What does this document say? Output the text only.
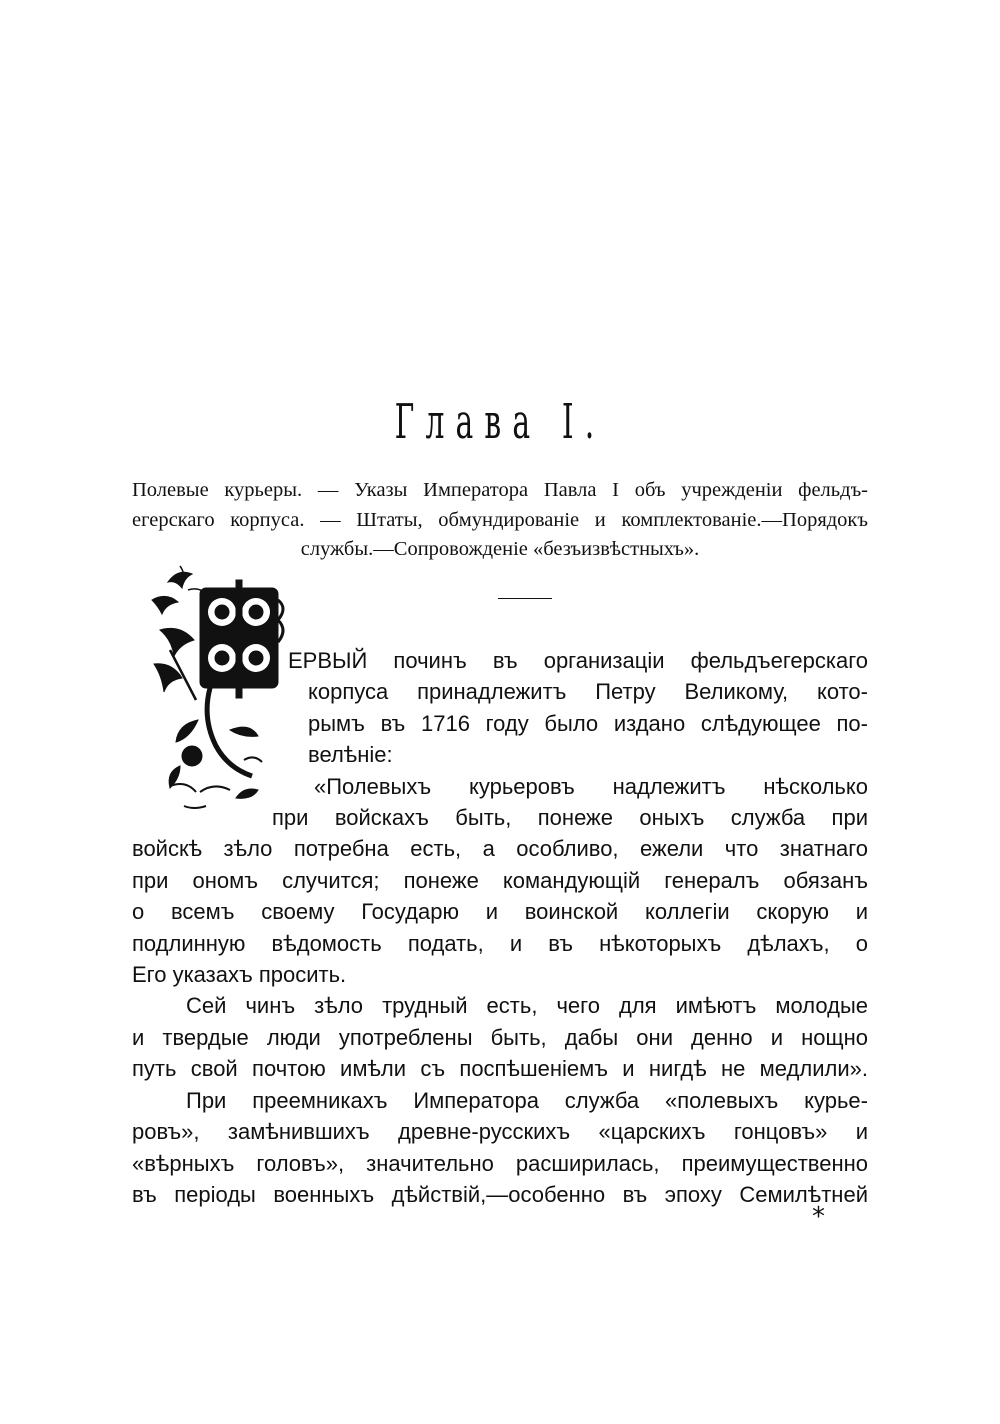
Глава I.
Полевые курьеры. — Указы Императора Павла I объ учрежденіи фельдъ-
егерскаго корпуса. — Штаты, обмундированіе и комплектованіе.—Порядокъ
службы.—Сопровожденіе «безъизвѣстныхъ».
ЕРВЫЙ починъ въ организаціи фельдъегерскаго
корпуса принадлежитъ Петру Великому, кото-
рымъ въ 1716 году было издано слѣдующее по-
велѣніе:
«Полевыхъ курьеровъ надлежитъ нѣсколько
при войскахъ быть, понеже оныхъ служба при
войскѣ зѣло потребна есть, а особливо, ежели что знатнаго
при ономъ случится; понеже командующій генералъ обязанъ
о всемъ своему Государю и воинской коллегіи скорую и
подлинную вѣдомость подать, и въ нѣкоторыхъ дѣлахъ, о
Его указахъ просить.
Сей чинъ зѣло трудный есть, чего для имѣютъ молодые
и твердые люди употреблены быть, дабы они денно и нощно
путь свой почтою имѣли съ поспѣшеніемъ и нигдѣ не медлили».
При преемникахъ Императора служба «полевыхъ курье-
ровъ», замѣнившихъ древне-русскихъ «царскихъ гонцовъ» и
«вѣрныхъ головъ», значительно расширилась, преимущественно
въ періоды военныхъ дѣйствій,—особенно въ эпоху Семилѣтней
*
